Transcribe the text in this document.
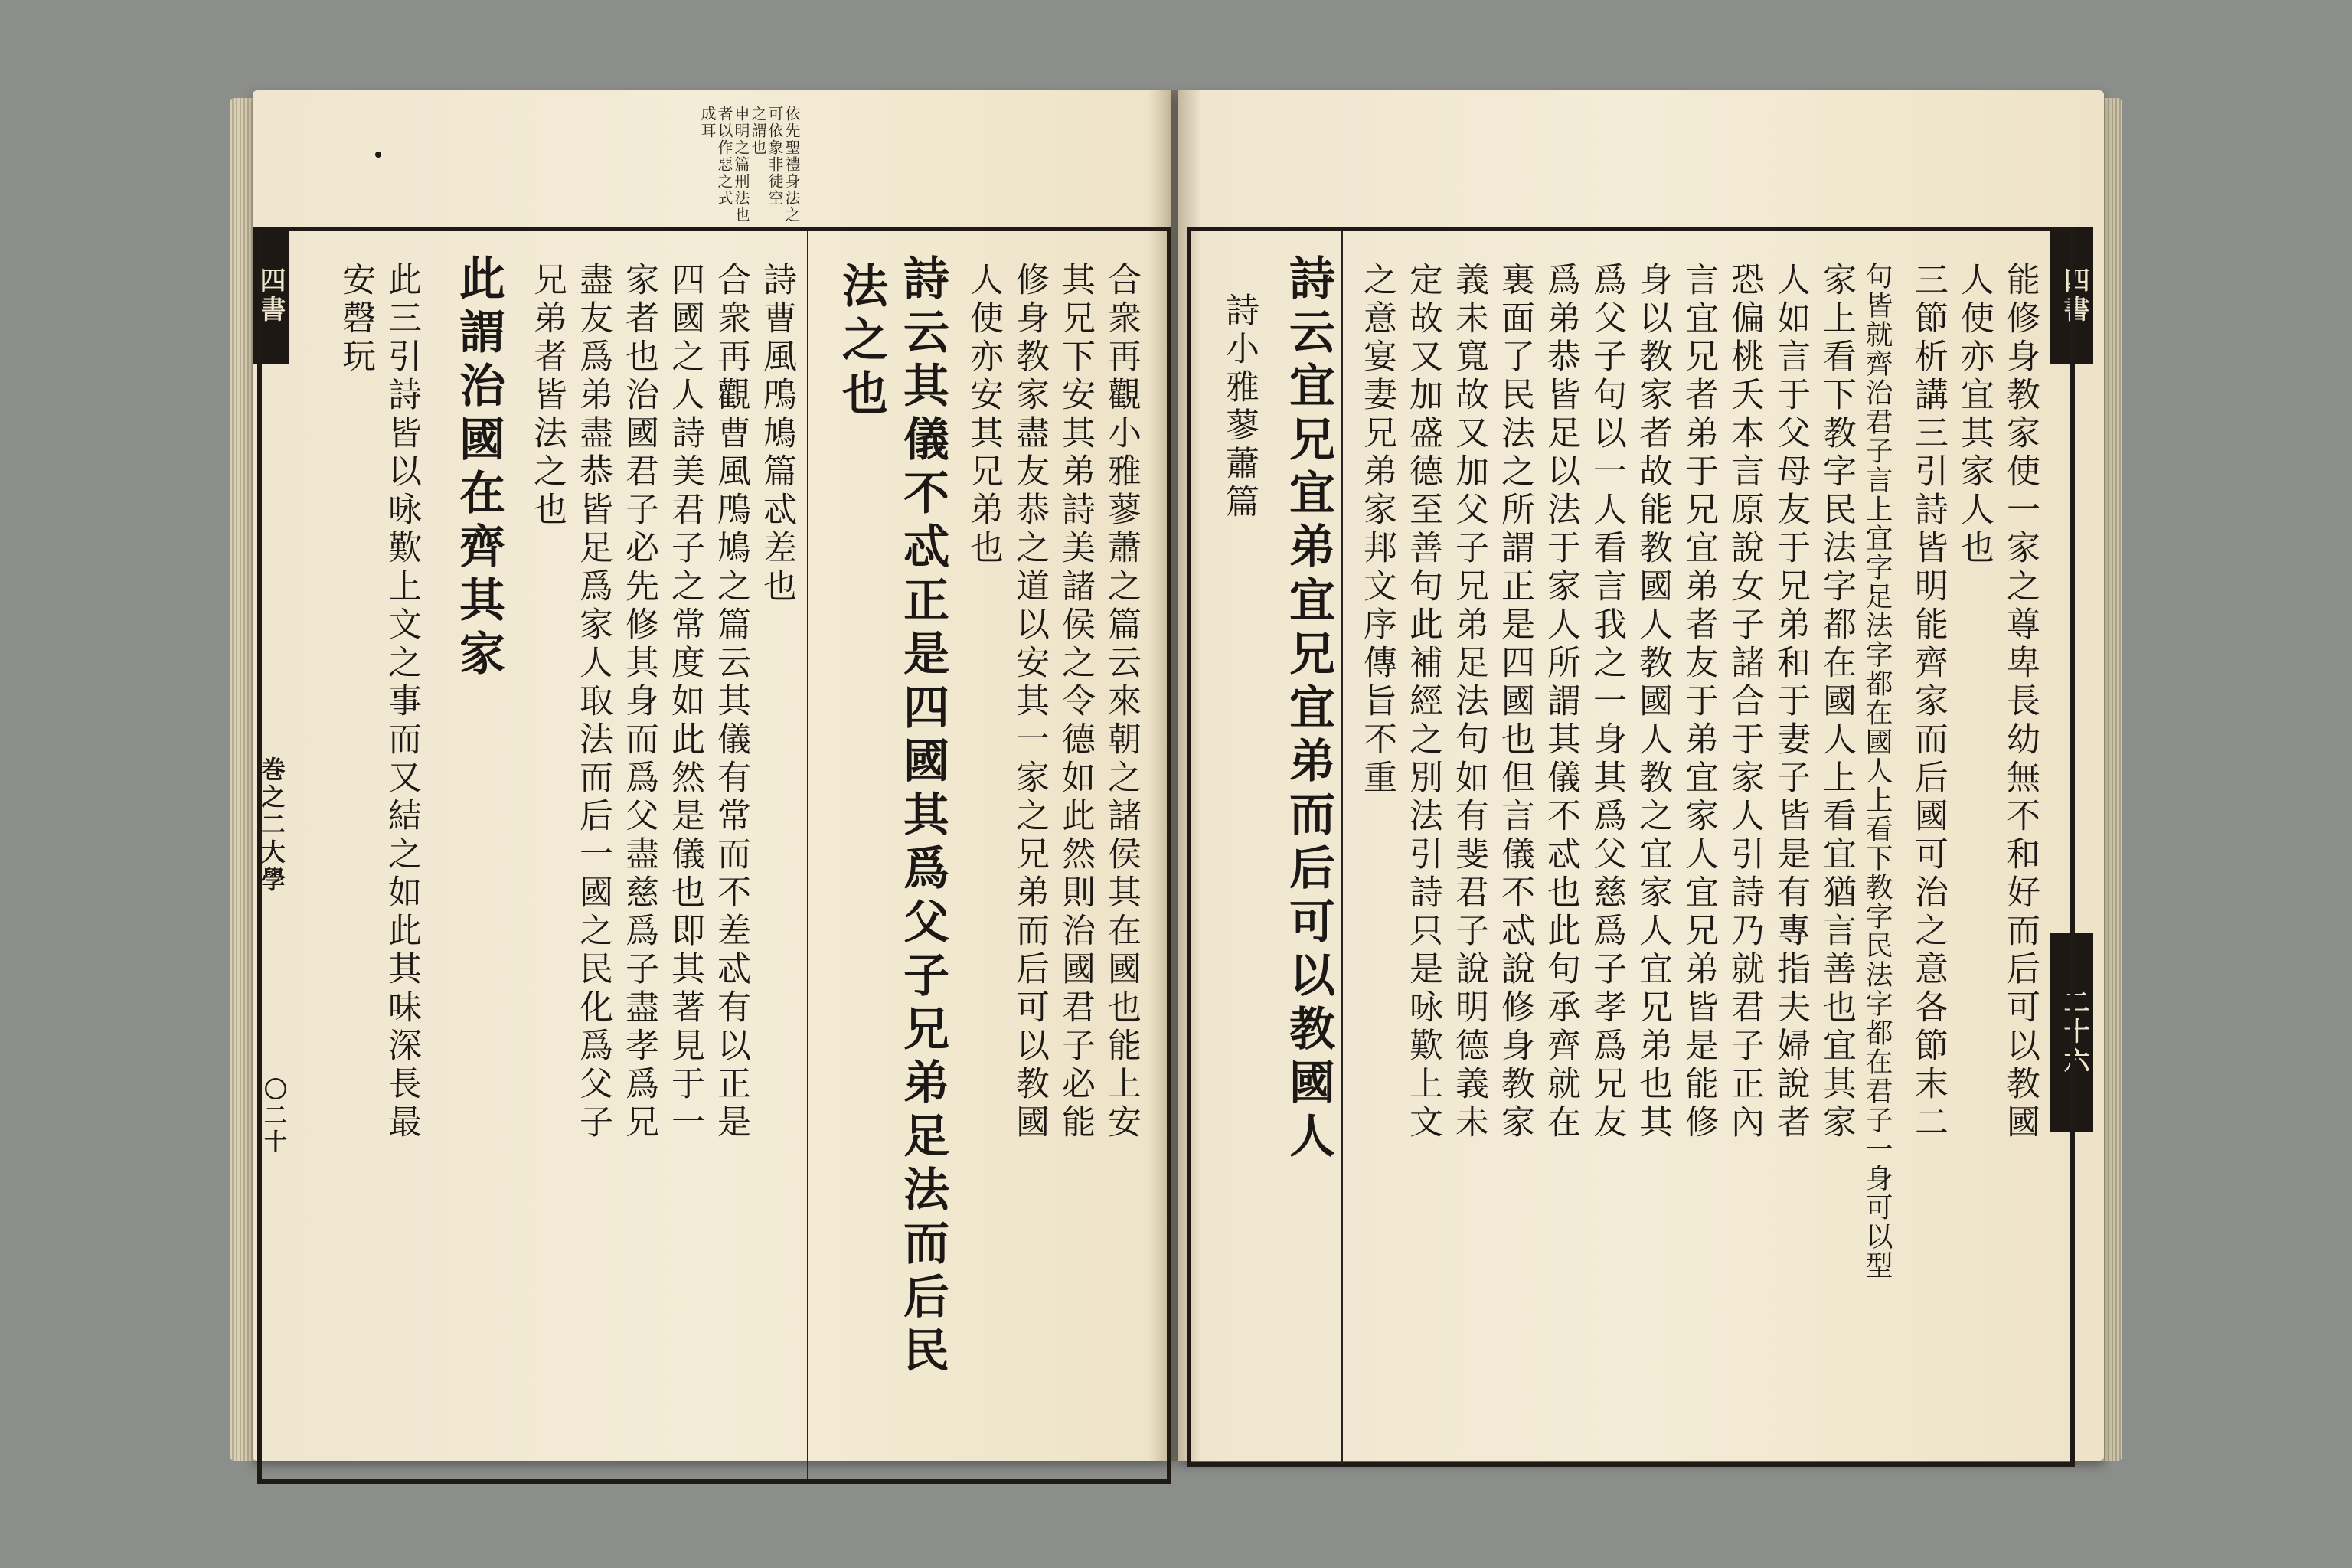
四書
巻之二大學
〇二十
依先聖禮身法之
可依象非徒空
之謂也
申明之篇刑法也
者以作惡之式
成耳
合衆再觀小雅蓼蕭之篇云來朝之諸侯其在國也能上安
其兄下安其弟詩美諸侯之令德如此然則治國君子必能
修身教家盡友恭之道以安其一家之兄弟而后可以教國
人使亦安其兄弟也
詩云其儀不忒正是四國其爲父子兄弟足法而后民
法之也
詩曹風鳲鳩篇忒差也
合衆再觀曹風鳲鳩之篇云其儀有常而不差忒有以正是
四國之人詩美君子之常度如此然是儀也即其著見于一
家者也治國君子必先修其身而爲父盡慈爲子盡孝爲兄
盡友爲弟盡恭皆足爲家人取法而后一國之民化爲父子
兄弟者皆法之也
此謂治國在齊其家
此三引詩皆以咏歎上文之事而又結之如此其味深長最
安磬玩	四書
二十六
能修身教家使一家之尊卑長幼無不和好而后可以教國
人使亦宜其家人也
三節析講三引詩皆明能齊家而后國可治之意各節末二
句皆就齊治君子言上宜字足法字都在國人上看下教字民法字都在君子一身可以型
家上看下教字民法字都在國人上看宜猶言善也宜其家
人如言于父母友于兄弟和于妻子皆是有專指夫婦說者
恐偏桃夭本言原說女子諸合于家人引詩乃就君子正內
言宜兄者弟于兄宜弟者友于弟宜家人宜兄弟皆是能修
身以教家者故能教國人教國人教之宜家人宜兄弟也其
爲父子句以一人看言我之一身其爲父慈爲子孝爲兄友
爲弟恭皆足以法于家人所謂其儀不忒也此句承齊就在
裏面了民法之所謂正是四國也但言儀不忒說修身教家
義未寬故又加父子兄弟足法句如有斐君子說明德義未
定故又加盛德至善句此補經之別法引詩只是咏歎上文
之意宴妻兄弟家邦文序傳旨不重
詩云宜兄宜弟宜兄宜弟而后可以教國人
詩小雅蓼蕭篇
